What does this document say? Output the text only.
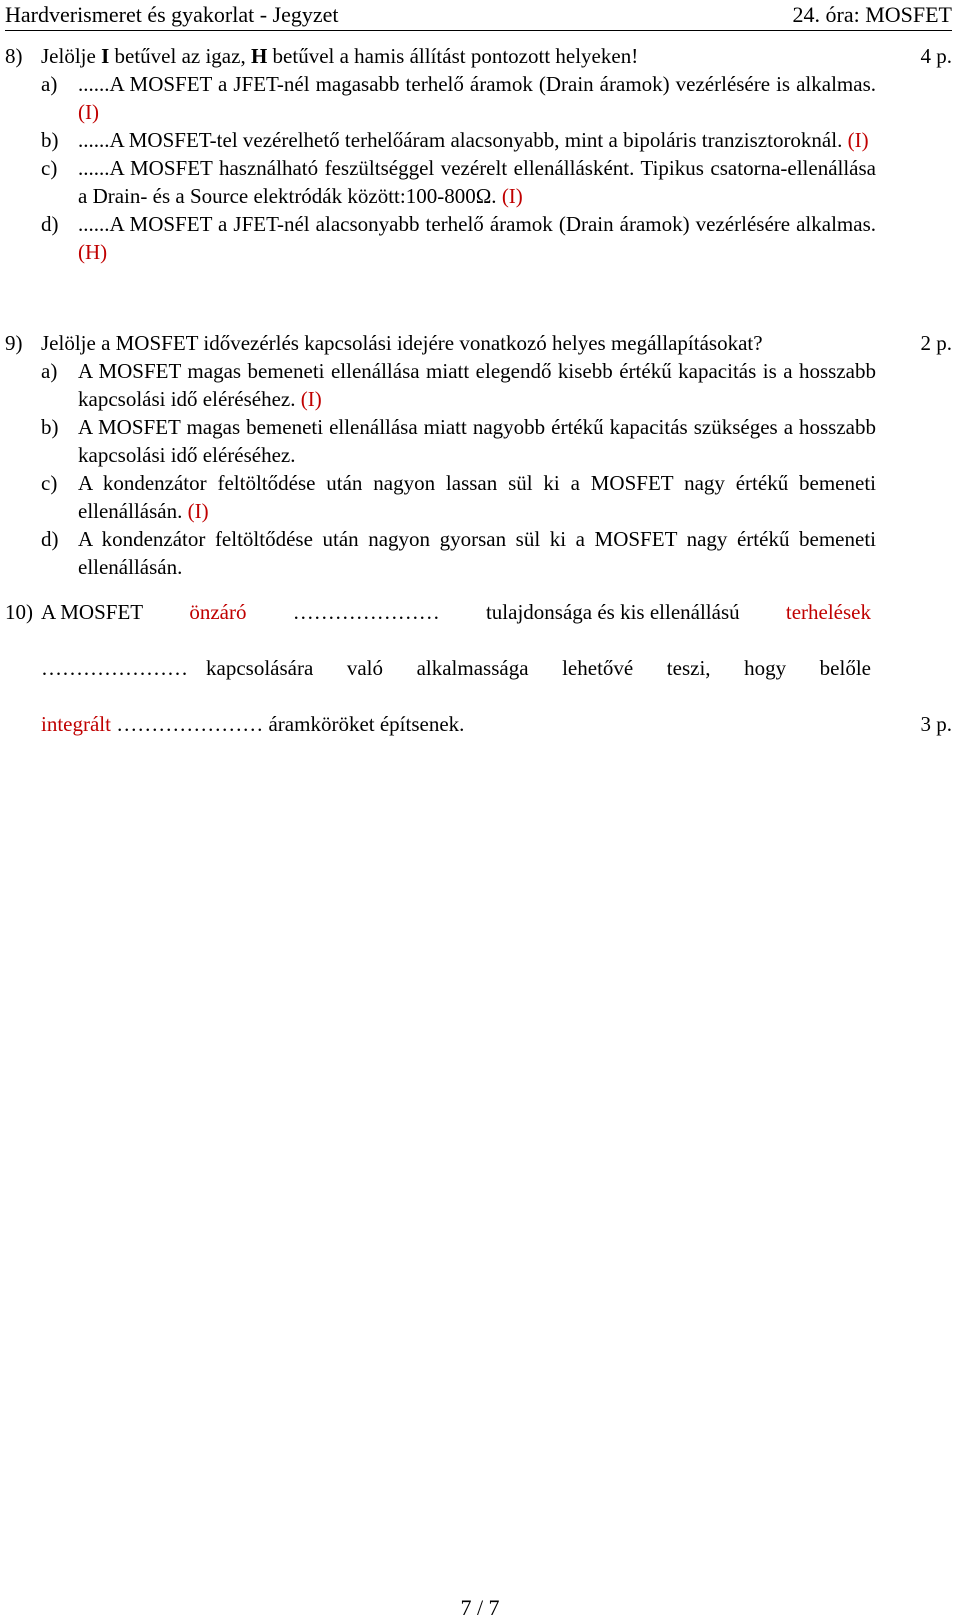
Hardverismeret és gyakorlat - Jegyzet	24. óra: MOSFET
8) Jelölje I betűvel az igaz, H betűvel a hamis állítást pontozott helyeken!	4 p.
a) ......A MOSFET a JFET-nél magasabb terhelő áramok (Drain áramok) vezérlésére is alkalmas. (I)
b) ......A MOSFET-tel vezérelhető terhelőáram alacsonyabb, mint a bipoláris tranzisztoroknál. (I)
c) ......A MOSFET használható feszültséggel vezérelt ellenállásként. Tipikus csatorna-ellenállása a Drain- és a Source elektródák között:100-800Ω. (I)
d) ......A MOSFET a JFET-nél alacsonyabb terhelő áramok (Drain áramok) vezérlésére alkalmas. (H)
9) Jelölje a MOSFET idővezérlés kapcsolási idejére vonatkozó helyes megállapításokat?	2 p.
a) A MOSFET magas bemeneti ellenállása miatt elegendő kisebb értékű kapacitás is a hosszabb kapcsolási idő eléréséhez. (I)
b) A MOSFET magas bemeneti ellenállása miatt nagyobb értékű kapacitás szükséges a hosszabb kapcsolási idő eléréséhez.
c) A kondenzátor feltöltődése után nagyon lassan sül ki a MOSFET nagy értékű bemeneti ellenállásán. (I)
d) A kondenzátor feltöltődése után nagyon gyorsan sül ki a MOSFET nagy értékű bemeneti ellenállásán.
10) A MOSFET önzáró ………………… tulajdonsága és kis ellenállású terhelések
………………… kapcsolására való alkalmassága lehetővé teszi, hogy belőle
integrált ………………… áramköröket építsenek.	3 p.
7 / 7
